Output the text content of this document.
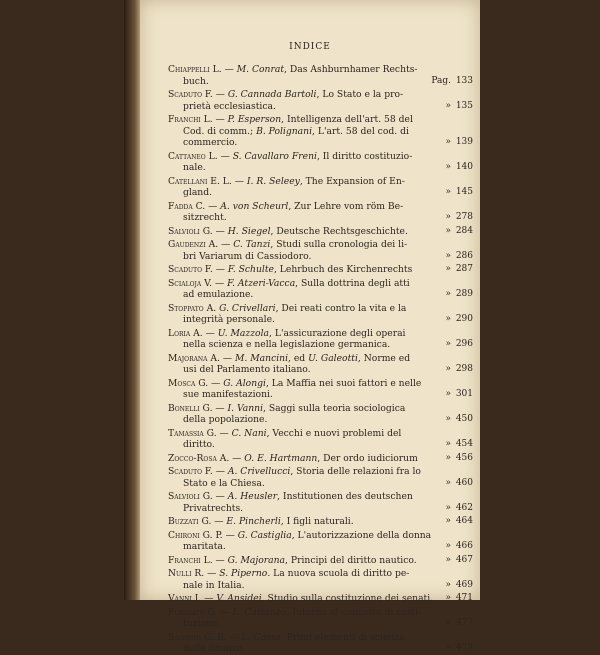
INDICE
Chiappelli L. — M. Conrat, Das Ashburnhamer Rechts-
buch.	Pag. 133
Scaduto F. — G. Cannada Bartoli, Lo Stato e la pro-
prietà ecclesiastica.	» 135
Franchi L. — P. Esperson, Intelligenza dell'art. 58 del
Cod. di comm.; B. Polignani, L'art. 58 del cod. di
commercio.	» 139
Cattaneo L. — S. Cavallaro Freni, Il diritto costituzio-
nale.	» 140
Catellani E. L. — I. R. Seleey, The Expansion of En-
gland.	» 145
Fadda C. — A. von Scheurl, Zur Lehre vom röm Be-
sitzrecht.	» 278
Salvioli G. — H. Siegel, Deutsche Rechtsgeschichte.	» 284
Gaudenzi A. — C. Tanzi, Studi sulla cronologia dei li-
bri Variarum di Cassiodoro.	» 286
Scaduto F. — F. Schulte, Lehrbuch des Kirchenrechts	» 287
Scialoja V. — F. Atzeri-Vacca, Sulla dottrina degli atti
ad emulazione.	» 289
Stoppato A. G. Crivellari, Dei reati contro la vita e la
integrità personale.	» 290
Loria A. — U. Mazzola, L'assicurazione degli operai
nella scienza e nella legislazione germanica.	» 296
Majorana A. — M. Mancini, ed U. Galeotti, Norme ed
usi del Parlamento italiano.	» 298
Mosca G. — G. Alongi, La Maffia nei suoi fattori e nelle
sue manifestazioni.	» 301
Bonelli G. — I. Vanni, Saggi sulla teoria sociologica
della popolazione.	» 450
Tamassia G. — C. Nani, Vecchi e nuovi problemi del
diritto.	» 454
Zocco-Rosa A. — O. E. Hartmann, Der ordo iudiciorum	» 456
Scaduto F. — A. Crivellucci, Storia delle relazioni fra lo
Stato e la Chiesa.	» 460
Salvioli G. — A. Heusler, Institutionen des deutschen
Privatrechts.	» 462
Buzzati G. — E. Pincherli, I figli naturali.	» 464
Chironi G. P. — G. Castiglia, L'autorizzazione della donna
maritata.	» 466
Franchi L. — G. Majorana, Principi del diritto nautico.	» 467
Nulli R. — S. Piperno. La nuova scuola di diritto pe-
nale in Italia.	» 469
Vanni I. — V. Ansidei, Studio sulla costituzione dei senati.	» 471
Furinato G. — L. Cattaneo, Intorno al concetto di costi-
tuzione.	» 477
Salvioni G. B. — L. Cossa, Primi elementi di scienza
delle finanze.	» 479
